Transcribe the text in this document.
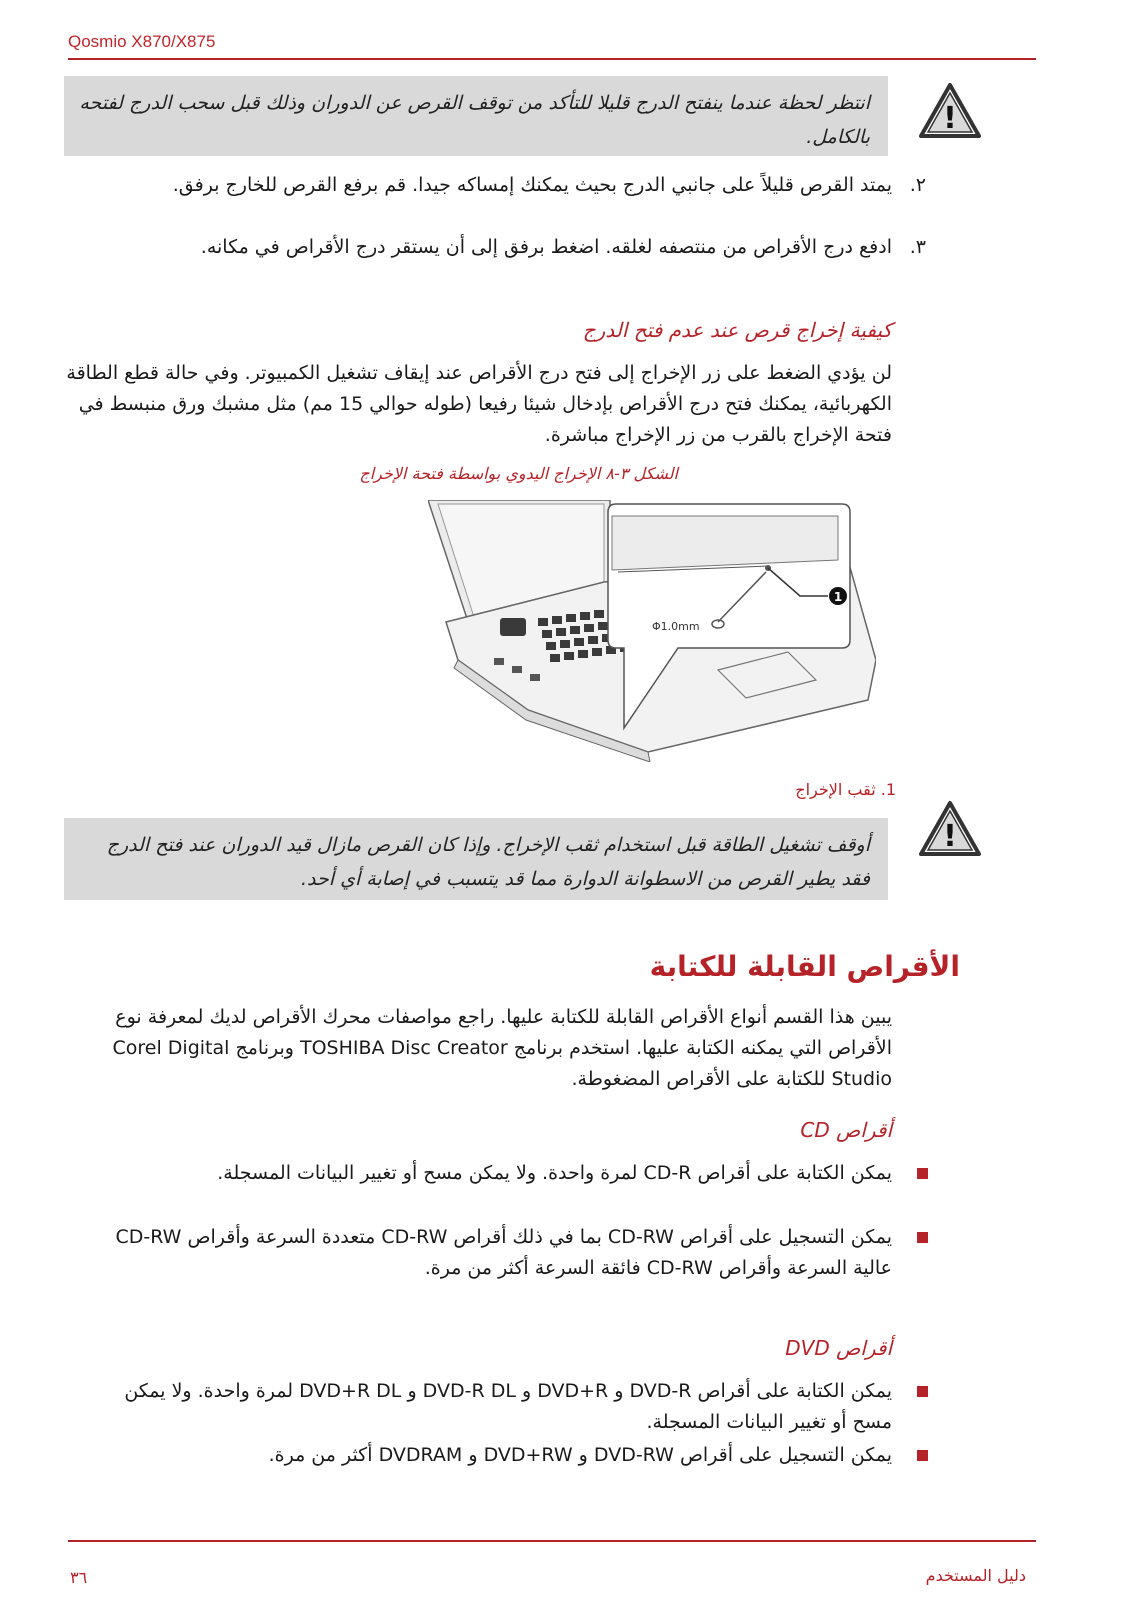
Qosmio X870/X875
!
انتظر لحظة عندما ينفتح الدرج قليلا للتأكد من توقف القرص عن الدوران وذلك قبل سحب الدرج لفتحه بالكامل.
٢.
يمتد القرص قليلاً على جانبي الدرج بحيث يمكنك إمساكه جيدا. قم برفع القرص للخارج برفق.
٣.
ادفع درج الأقراص من منتصفه لغلقه. اضغط برفق إلى أن يستقر درج الأقراص في مكانه.
كيفية إخراج قرص عند عدم فتح الدرج
لن يؤدي الضغط على زر الإخراج إلى فتح درج الأقراص عند إيقاف تشغيل الكمبيوتر. وفي حالة قطع الطاقة الكهربائية، يمكنك فتح درج الأقراص بإدخال شيئا رفيعا (طوله حوالي 15 مم) مثل مشبك ورق منبسط في فتحة الإخراج بالقرب من زر الإخراج مباشرة.
الشكل ٣-٨ الإخراج اليدوي بواسطة فتحة الإخراج
1
Φ1.0mm
1. ثقب الإخراج
!
أوقف تشغيل الطاقة قبل استخدام ثقب الإخراج. وإذا كان القرص مازال قيد الدوران عند فتح الدرج فقد يطير القرص من الاسطوانة الدوارة مما قد يتسبب في إصابة أي أحد.
الأقراص القابلة للكتابة
يبين هذا القسم أنواع الأقراص القابلة للكتابة عليها. راجع مواصفات محرك الأقراص لديك لمعرفة نوع الأقراص التي يمكنه الكتابة عليها. استخدم برنامج TOSHIBA Disc Creator وبرنامج Corel Digital Studio للكتابة على الأقراص المضغوطة.
أقراص CD
يمكن الكتابة على أقراص CD-R لمرة واحدة. ولا يمكن مسح أو تغيير البيانات المسجلة.
يمكن التسجيل على أقراص CD-RW بما في ذلك أقراص CD-RW متعددة السرعة وأقراص CD-RW عالية السرعة وأقراص CD-RW فائقة السرعة أكثر من مرة.
أقراص DVD
يمكن الكتابة على أقراص DVD-R و DVD+R و DVD-R DL و DVD+R DL لمرة واحدة. ولا يمكن مسح أو تغيير البيانات المسجلة.
يمكن التسجيل على أقراص DVD-RW و DVD+RW و DVDRAM أكثر من مرة.
٣٦	دليل المستخدم
